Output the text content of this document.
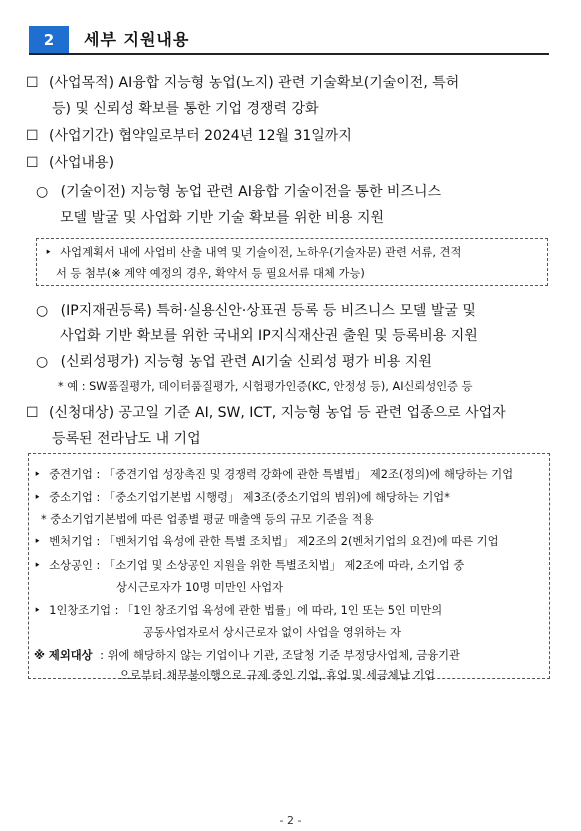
2	세부 지원내용
☐ (사업목적) AI융합 지능형 농업(노지) 관련 기술확보(기술이전, 특허
등) 및 신뢰성 확보를 통한 기업 경쟁력 강화
☐ (사업기간) 협약일로부터 2024년 12월 31일까지
☐ (사업내용)
○ (기술이전) 지능형 농업 관련 AI융합 기술이전을 통한 비즈니스
모델 발굴 및 사업화 기반 기술 확보를 위한 비용 지원
‣ 사업계획서 내에 사업비 산출 내역 및 기술이전, 노하우(기술자문) 관련 서류, 견적
서 등 첨부(※ 계약 예정의 경우, 확약서 등 필요서류 대체 가능)
○ (IP지재권등록) 특허·실용신안·상표권 등록 등 비즈니스 모델 발굴 및
사업화 기반 확보를 위한 국내외 IP지식재산권 출원 및 등록비용 지원
○ (신뢰성평가) 지능형 농업 관련 AI기술 신뢰성 평가 비용 지원
* 예 : SW품질평가, 데이터품질평가, 시험평가인증(KC, 안정성 등), AI신뢰성인증 등
☐ (신청대상) 공고일 기준 AI, SW, ICT, 지능형 농업 등 관련 업종으로 사업자
등록된 전라남도 내 기업
‣ 중견기업 : 「중견기업 성장촉진 및 경쟁력 강화에 관한 특별법」 제2조(정의)에 해당하는 기업
‣ 중소기업 : 「중소기업기본법 시행령」 제3조(중소기업의 범위)에 해당하는 기업*
* 중소기업기본법에 따른 업종별 평균 매출액 등의 규모 기준을 적용
‣ 벤처기업 : 「벤처기업 육성에 관한 특별 조치법」 제2조의 2(벤처기업의 요건)에 따른 기업
‣ 소상공인 : 「소기업 및 소상공인 지원을 위한 특별조치법」 제2조에 따라, 소기업 중
상시근로자가 10명 미만인 사업자
‣ 1인창조기업 : 「1인 창조기업 육성에 관한 법률」에 따라, 1인 또는 5인 미만의
공동사업자로서 상시근로자 없이 사업을 영위하는 자
※ 제외대상 : 위에 해당하지 않는 기업이나 기관, 조달청 기준 부정당사업체, 금융기관
으로부터 채무불이행으로 규제 중인 기업, 휴업 및 세금체납 기업
- 2 -
